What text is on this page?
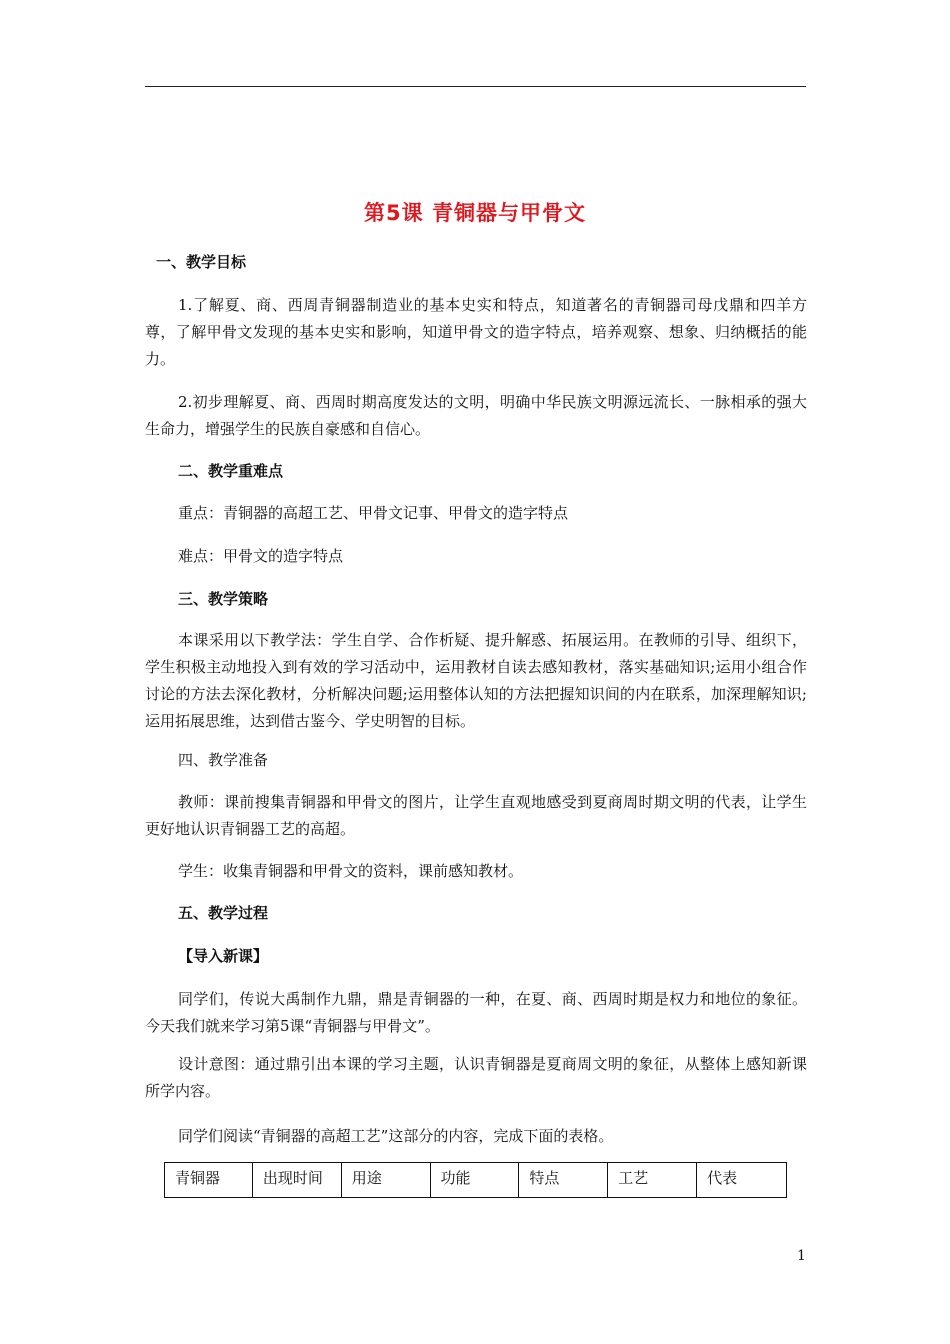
第5课 青铜器与甲骨文
一、教学目标

1.了解夏、商、西周青铜器制造业的基本史实和特点，知道著名的青铜器司母戊鼎和四羊方尊，了解甲骨文发现的基本史实和影响，知道甲骨文的造字特点，培养观察、想象、归纳概括的能力。

2.初步理解夏、商、西周时期高度发达的文明，明确中华民族文明源远流长、一脉相承的强大生命力，增强学生的民族自豪感和自信心。

二、教学重难点

重点：青铜器的高超工艺、甲骨文记事、甲骨文的造字特点

难点：甲骨文的造字特点

三、教学策略

本课采用以下教学法：学生自学、合作析疑、提升解惑、拓展运用。在教师的引导、组织下，学生积极主动地投入到有效的学习活动中，运用教材自读去感知教材，落实基础知识;运用小组合作讨论的方法去深化教材，分析解决问题;运用整体认知的方法把握知识间的内在联系，加深理解知识;运用拓展思维，达到借古鉴今、学史明智的目标。

四、教学准备

教师：课前搜集青铜器和甲骨文的图片，让学生直观地感受到夏商周时期文明的代表，让学生更好地认识青铜器工艺的高超。

学生：收集青铜器和甲骨文的资料，课前感知教材。

五、教学过程
【导入新课】

同学们，传说大禹制作九鼎，鼎是青铜器的一种，在夏、商、西周时期是权力和地位的象征。今天我们就来学习第5课“青铜器与甲骨文”。

设计意图：通过鼎引出本课的学习主题，认识青铜器是夏商周文明的象征，从整体上感知新课所学内容。

同学们阅读“青铜器的高超工艺”这部分的内容，完成下面的表格。

青铜器	出现时间	用途	功能	特点	工艺	代表
1
